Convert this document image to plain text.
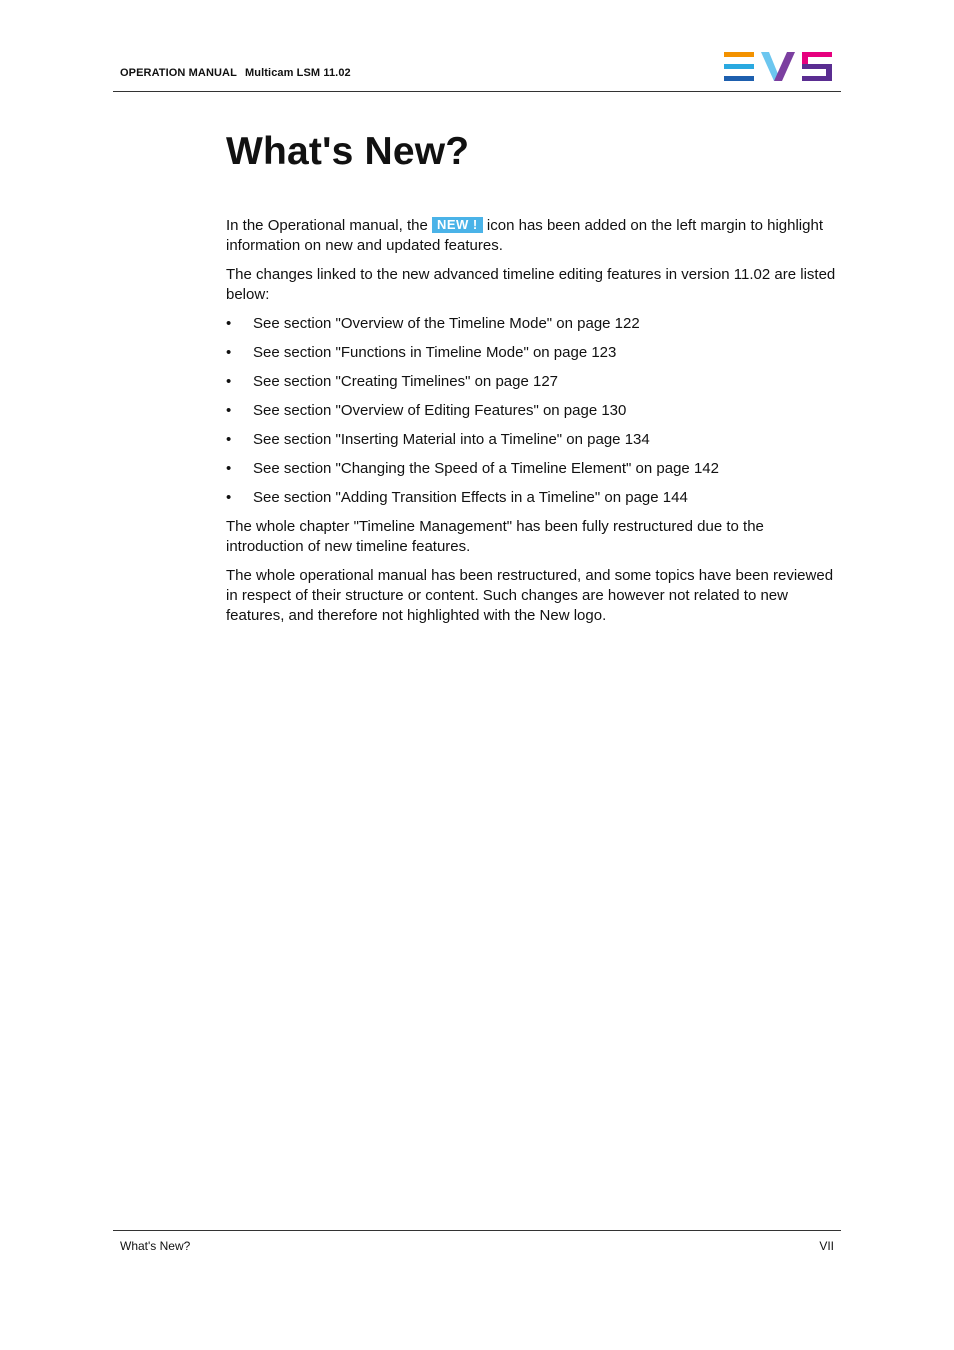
OPERATION MANUAL Multicam LSM 11.02
What's New?

In the Operational manual, the NEW ! icon has been added on the left margin to highlight information on new and updated features.

The changes linked to the new advanced timeline editing features in version 11.02 are listed below:

• See section "Overview of the Timeline Mode" on page 122
• See section "Functions in Timeline Mode" on page 123
• See section "Creating Timelines" on page 127
• See section "Overview of Editing Features" on page 130
• See section "Inserting Material into a Timeline" on page 134
• See section "Changing the Speed of a Timeline Element" on page 142
• See section "Adding Transition Effects in a Timeline" on page 144

The whole chapter "Timeline Management" has been fully restructured due to the introduction of new timeline features.

The whole operational manual has been restructured, and some topics have been reviewed in respect of their structure or content. Such changes are however not related to new features, and therefore not highlighted with the New logo.

What's New?	VII
